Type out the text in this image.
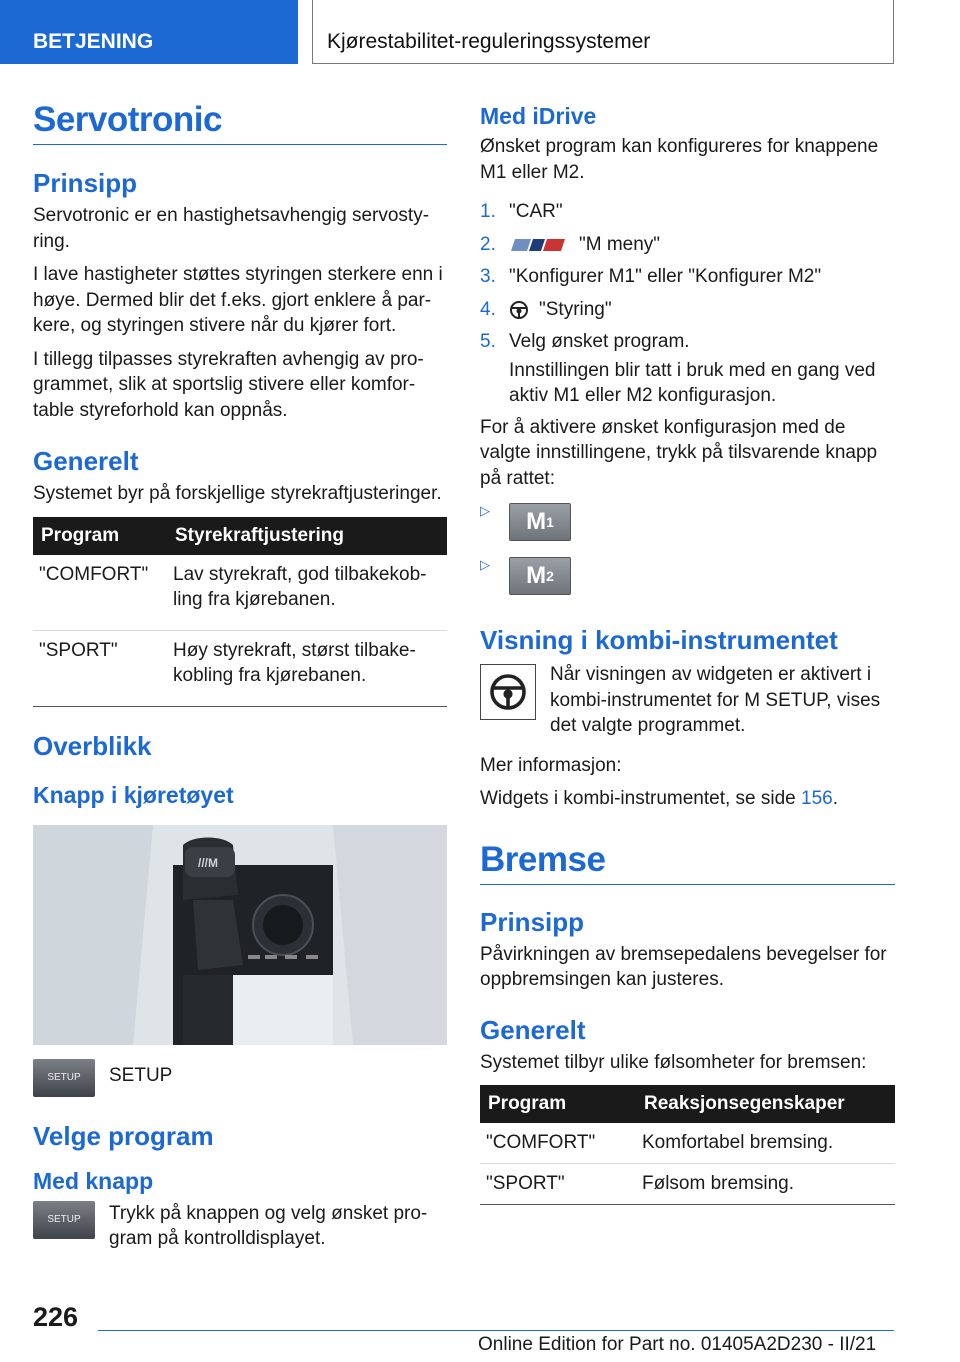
BETJENING	Kjørestabilitet-reguleringssystemer
Servotronic
Prinsipp

Servotronic er en hastighetsavhengig servosty-ring.

I lave hastigheter støttes styringen sterkere enn i høye. Dermed blir det f.eks. gjort enklere å par-kere, og styringen stivere når du kjører fort.

I tillegg tilpasses styrekraften avhengig av pro-grammet, slik at sportslig stivere eller komfor-table styreforhold kan oppnås.

Generelt

Systemet byr på forskjellige styrekraftjusteringer.

Program	Styrekraftjustering
"COMFORT"	Lav styrekraft, god tilbakekob-ling fra kjørebanen.
"SPORT"	Høy styrekraft, størst tilbake-kobling fra kjørebanen.
Overblikk
Knapp i kjøretøyet
///M
SETUP	SETUP

Velge program
Med knapp
SETUP	Trykk på knappen og velg ønsket pro-gram på kontrolldisplayet.

Med iDrive

Ønsket program kan konfigureres for knappene M1 eller M2.

1. "CAR"
2.	"M meny"
3. "Konfigurer M1" eller "Konfigurer M2"
4.	"Styring"
5. Velg ønsket program.

Innstillingen blir tatt i bruk med en gang ved aktiv M1 eller M2 konfigurasjon.

For å aktivere ønsket konfigurasjon med de valgte innstillingene, trykk på tilsvarende knapp på rattet:

▷	M 1
▷	M 2
Visning i kombi-instrumentet

Når visningen av widgeten er aktivert i kombi-instrumentet for M SETUP, vises det valgte programmet.

Mer informasjon:

Widgets i kombi-instrumentet, se side 156.

Bremse
Prinsipp

Påvirkningen av bremsepedalens bevegelser for oppbremsingen kan justeres.

Generelt

Systemet tilbyr ulike følsomheter for bremsen:

Program	Reaksjonsegenskaper
"COMFORT"	Komfortabel bremsing.
"SPORT"	Følsom bremsing.
226
Online Edition for Part no. 01405A2D230 - II/21
